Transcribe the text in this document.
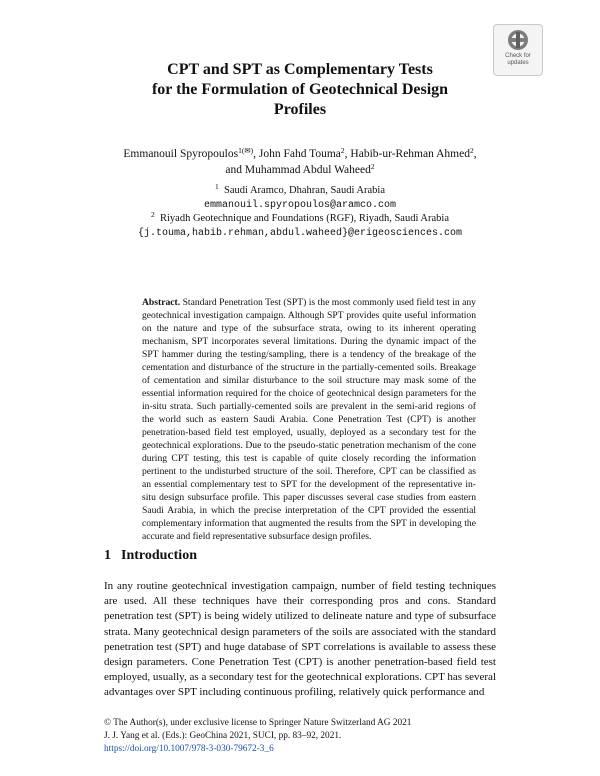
Check for
updates
CPT and SPT as Complementary Tests
for the Formulation of Geotechnical Design
Profiles
Emmanouil Spyropoulos$^{1(✉)}$, John Fahd Touma$^2$, Habib-ur-Rehman Ahmed$^2$,
and Muhammad Abdul Waheed$^2$
$^1$ Saudi Aramco, Dhahran, Saudi Arabia
emmanouil.spyropoulos@aramco.com
$^2$ Riyadh Geotechnique and Foundations (RGF), Riyadh, Saudi Arabia
{j.touma,habib.rehman,abdul.waheed}@erigeosciences.com

Abstract. Standard Penetration Test (SPT) is the most commonly used field test in any geotechnical investigation campaign. Although SPT provides quite useful information on the nature and type of the subsurface strata, owing to its inherent operating mechanism, SPT incorporates several limitations. During the dynamic impact of the SPT hammer during the testing/sampling, there is a tendency of the breakage of the cementation and disturbance of the structure in the partially-cemented soils. Breakage of cementation and similar disturbance to the soil structure may mask some of the essential information required for the choice of geotechnical design parameters for the in-situ strata. Such partially-cemented soils are prevalent in the semi-arid regions of the world such as eastern Saudi Arabia. Cone Penetration Test (CPT) is another penetration-based field test employed, usually, deployed as a secondary test for the geotechnical explorations. Due to the pseudo-static penetration mechanism of the cone during CPT testing, this test is capable of quite closely recording the information pertinent to the undisturbed structure of the soil. Therefore, CPT can be classified as an essential complementary test to SPT for the development of the representative in-situ design subsurface profile. This paper discusses several case studies from eastern Saudi Arabia, in which the precise interpretation of the CPT provided the essential complementary information that augmented the results from the SPT in developing the accurate and field representative subsurface design profiles.

1 Introduction

In any routine geotechnical investigation campaign, number of field testing techniques are used. All these techniques have their corresponding pros and cons. Standard penetration test (SPT) is being widely utilized to delineate nature and type of subsurface strata. Many geotechnical design parameters of the soils are associated with the standard penetration test (SPT) and huge database of SPT correlations is available to assess these design parameters. Cone Penetration Test (CPT) is another penetration-based field test employed, usually, as a secondary test for the geotechnical explorations. CPT has several advantages over SPT including continuous profiling, relatively quick performance and

© The Author(s), under exclusive license to Springer Nature Switzerland AG 2021
J. J. Yang et al. (Eds.): GeoChina 2021, SUCI, pp. 83–92, 2021.
https://doi.org/10.1007/978-3-030-79672-3_6
